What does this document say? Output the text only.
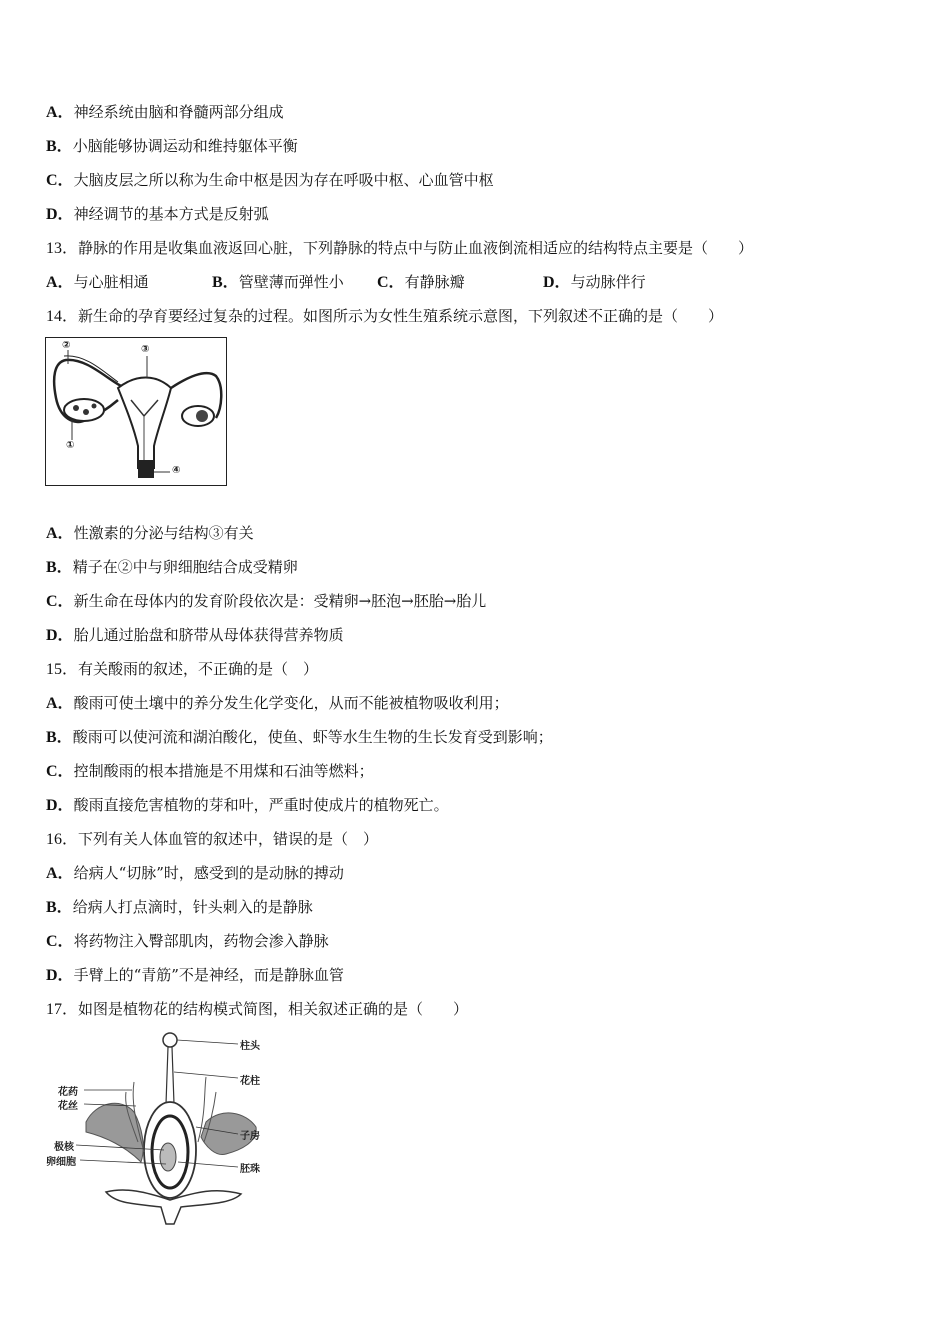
A．神经系统由脑和脊髓两部分组成
B．小脑能够协调运动和维持躯体平衡
C．大脑皮层之所以称为生命中枢是因为存在呼吸中枢、心血管中枢
D．神经调节的基本方式是反射弧
13．静脉的作用是收集血液返回心脏，下列静脉的特点中与防止血液倒流相适应的结构特点主要是（　　）
A．与心脏相通	B．管壁薄而弹性小 C．有静脉瓣	D．与动脉伴行
14．新生命的孕育要经过复杂的过程。如图所示为女性生殖系统示意图，下列叙述不正确的是（　　）
②	③
①
④
A．性激素的分泌与结构③有关
B．精子在②中与卵细胞结合成受精卵
C．新生命在母体内的发育阶段依次是：受精卵→胚泡→胚胎→胎儿
D．胎儿通过胎盘和脐带从母体获得营养物质
15．有关酸雨的叙述，不正确的是（　）
A．酸雨可使土壤中的养分发生化学变化，从而不能被植物吸收利用；
B．酸雨可以使河流和湖泊酸化，使鱼、虾等水生生物的生长发育受到影响；
C．控制酸雨的根本措施是不用煤和石油等燃料；
D．酸雨直接危害植物的芽和叶，严重时使成片的植物死亡。
16．下列有关人体血管的叙述中，错误的是（　）
A．给病人“切脉”时，感受到的是动脉的搏动
B．给病人打点滴时，针头刺入的是静脉
C．将药物注入臀部肌肉，药物会渗入静脉
D．手臂上的“青筋”不是神经，而是静脉血管
17．如图是植物花的结构模式简图，相关叙述正确的是（　　）
花药
花丝
极核
卵细胞
柱头
花柱
子房
胚珠
